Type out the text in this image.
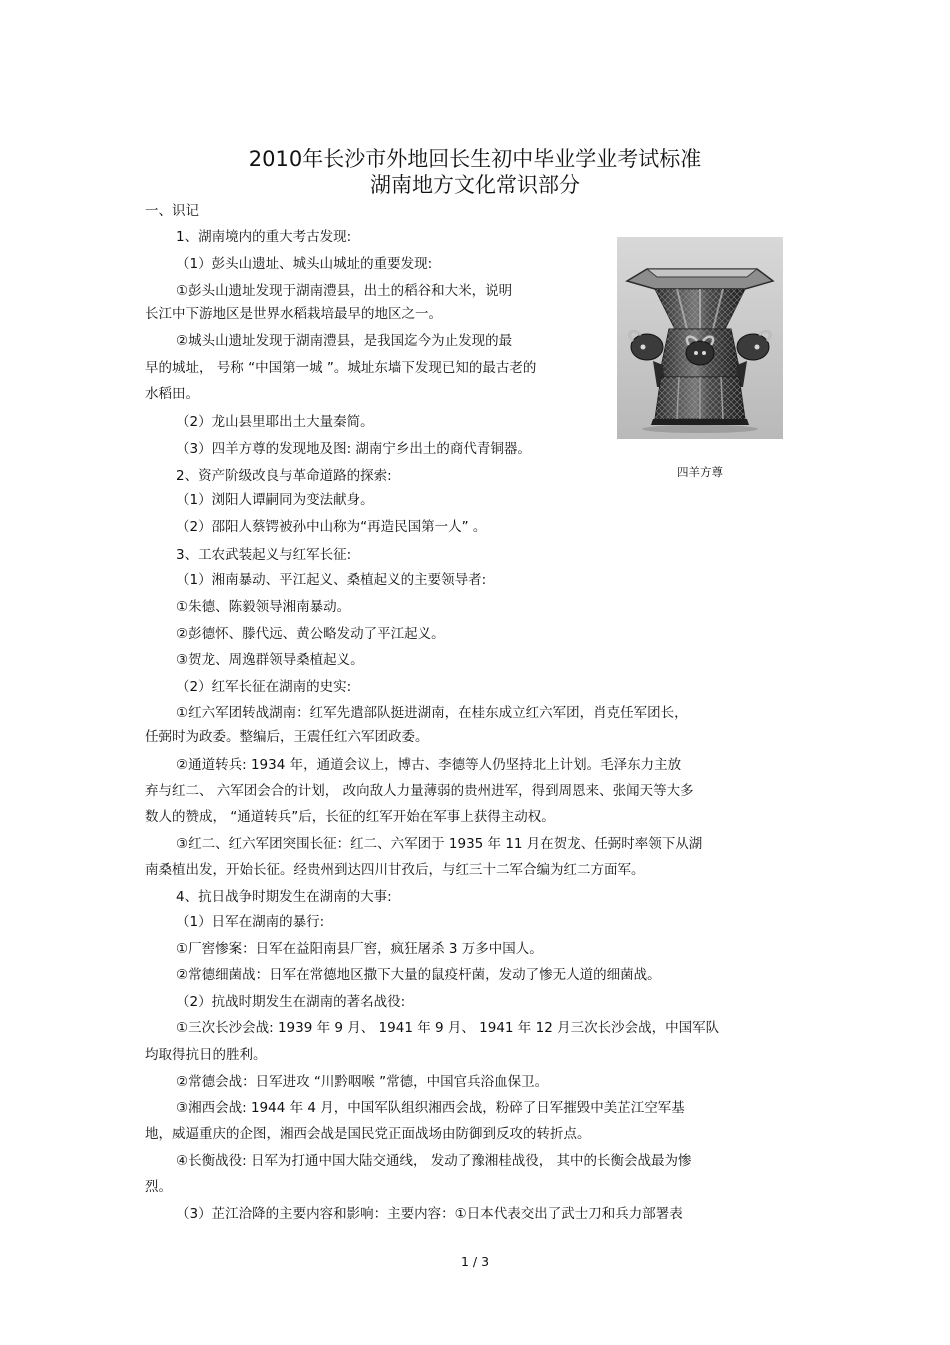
2010年长沙市外地回长生初中毕业学业考试标准
湖南地方文化常识部分
一、识记
1、湖南境内的重大考古发现:
（1）彭头山遗址、城头山城址的重要发现:
①彭头山遗址发现于湖南澧县，出土的稻谷和大米，说明
长江中下游地区是世界水稻栽培最早的地区之一。
②城头山遗址发现于湖南澧县，是我国迄今为止发现的最
早的城址， 号称 “中国第一城 ”。城址东墙下发现已知的最古老的
水稻田。
（2）龙山县里耶出土大量秦简。
（3）四羊方尊的发现地及图: 湖南宁乡出土的商代青铜器。
2、资产阶级改良与革命道路的探索:
（1）浏阳人谭嗣同为变法献身。
（2）邵阳人蔡锷被孙中山称为“再造民国第一人” 。
3、工农武装起义与红军长征:
（1）湘南暴动、平江起义、桑植起义的主要领导者:
①朱德、陈毅领导湘南暴动。
②彭德怀、滕代远、黄公略发动了平江起义。
③贺龙、周逸群领导桑植起义。
（2）红军长征在湖南的史实:
①红六军团转战湖南：红军先遣部队挺进湖南，在桂东成立红六军团，肖克任军团长，
任弼时为政委。整编后，王震任红六军团政委。
②通道转兵: 1934 年，通道会议上，博古、李德等人仍坚持北上计划。毛泽东力主放
弃与红二、 六军团会合的计划， 改向敌人力量薄弱的贵州进军，得到周恩来、张闻天等大多
数人的赞成， “通道转兵”后，长征的红军开始在军事上获得主动权。
③红二、红六军团突围长征：红二、六军团于 1935 年 11 月在贺龙、任弼时率领下从湖
南桑植出发，开始长征。经贵州到达四川甘孜后，与红三十二军合编为红二方面军。
4、抗日战争时期发生在湖南的大事:
（1）日军在湖南的暴行:
①厂窖惨案：日军在益阳南县厂窖，疯狂屠杀 3 万多中国人。
②常德细菌战：日军在常德地区撒下大量的鼠疫杆菌，发动了惨无人道的细菌战。
（2）抗战时期发生在湖南的著名战役:
①三次长沙会战: 1939 年 9 月、 1941 年 9 月、 1941 年 12 月三次长沙会战，中国军队
均取得抗日的胜利。
②常德会战：日军进攻 “川黔咽喉 ”常德，中国官兵浴血保卫。
③湘西会战: 1944 年 4 月，中国军队组织湘西会战，粉碎了日军摧毁中美芷江空军基
地，威逼重庆的企图，湘西会战是国民党正面战场由防御到反攻的转折点。
④长衡战役: 日军为打通中国大陆交通线， 发动了豫湘桂战役， 其中的长衡会战最为惨
烈。
（3）芷江洽降的主要内容和影响：主要内容：①日本代表交出了武士刀和兵力部署表
四羊方尊
1 / 3
